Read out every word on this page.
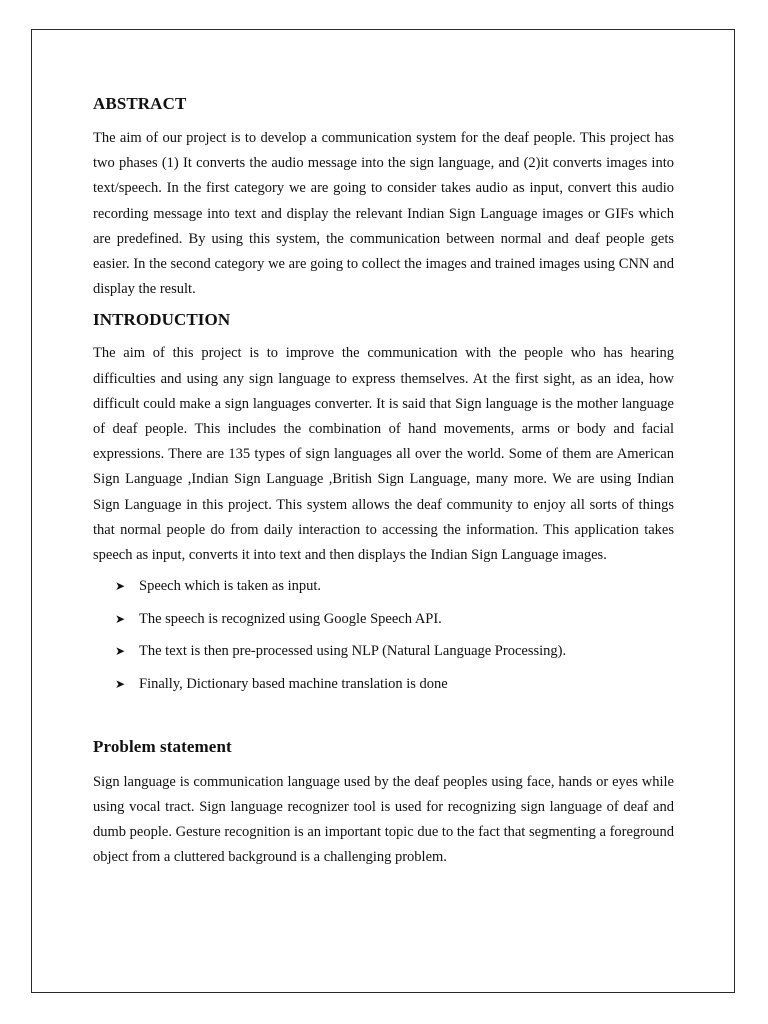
ABSTRACT

The aim of our project is to develop a communication system for the deaf people. This project has two phases (1) It converts the audio message into the sign language, and (2)it converts images into text/speech. In the first category we are going to consider takes audio as input, convert this audio recording message into text and display the relevant Indian Sign Language images or GIFs which are predefined. By using this system, the communication between normal and deaf people gets easier. In the second category we are going to collect the images and trained images using CNN and display the result.

INTRODUCTION

The aim of this project is to improve the communication with the people who has hearing difficulties and using any sign language to express themselves. At the first sight, as an idea, how difficult could make a sign languages converter. It is said that Sign language is the mother language of deaf people. This includes the combination of hand movements, arms or body and facial expressions. There are 135 types of sign languages all over the world. Some of them are American Sign Language ,Indian Sign Language ,British Sign Language, many more. We are using Indian Sign Language in this project. This system allows the deaf community to enjoy all sorts of things that normal people do from daily interaction to accessing the information. This application takes speech as input, converts it into text and then displays the Indian Sign Language images.

➤ Speech which is taken as input.
➤ The speech is recognized using Google Speech API.
➤ The text is then pre-processed using NLP (Natural Language Processing).
➤ Finally, Dictionary based machine translation is done
Problem statement

Sign language is communication language used by the deaf peoples using face, hands or eyes while using vocal tract. Sign language recognizer tool is used for recognizing sign language of deaf and dumb people. Gesture recognition is an important topic due to the fact that segmenting a foreground object from a cluttered background is a challenging problem.
